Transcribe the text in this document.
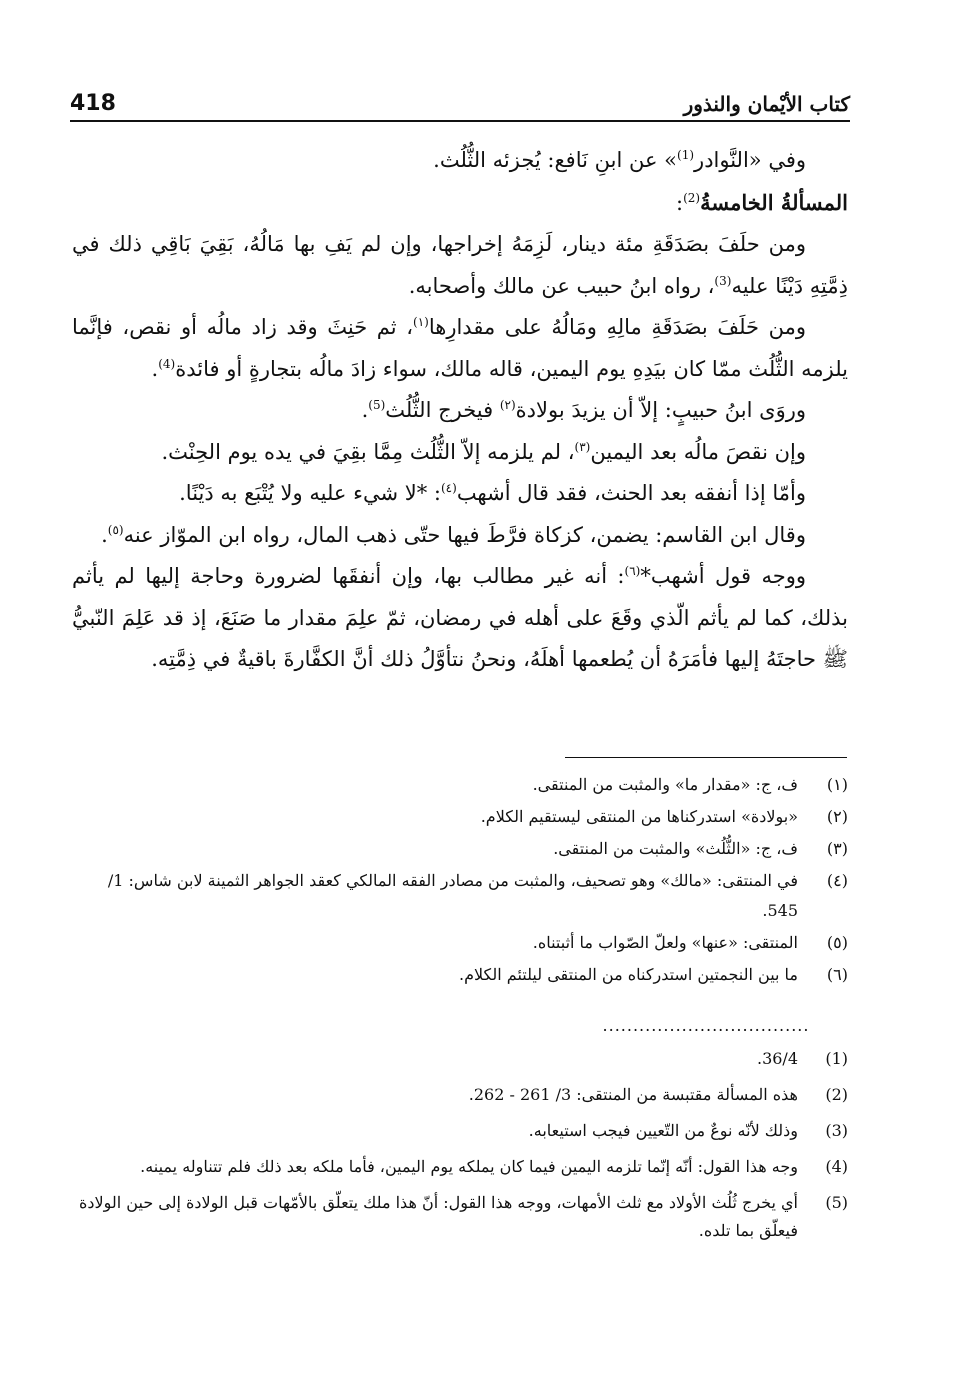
418	كتاب الأيْمان والنذور

وفي «النَّوادر$^{(1)}$» عن ابنِ نَافع: يُجزئه الثُّلُث.

المسألةُ الخامسةُ$^{(2)}$:

ومن حلَفَ بصَدَقَةِ مئة دينار، لَزِمَهُ إخراجها، وإن لم يَفِ بها مَالُهُ، بَقِيَ بَاقِي ذلك في ذِمَّتِهِ دَيْنًا عليه$^{(3)}$، رواه ابنُ حبيب عن مالك وأصحابه.

ومن حَلَفَ بصَدَقَةِ مالِهِ ومَالُهُ على مقدارِها$^{(١)}$، ثم حَنِثَ وقد زاد مالُه أو نقص، فإنَّما يلزمه الثُّلُث ممّا كان بيَدِهِ يوم اليمين، قاله مالك، سواء زادَ مالُه بتجارةٍ أو فائدة$^{(4)}$.

وروَى ابنُ حبيبٍ: إلاّ أن يزيدَ بولادة$^{(٢)}$ فيخرج الثُّلُث$^{(5)}$.

وإن نقصَ مالُه بعد اليمين$^{(٣)}$، لم يلزمه إلاّ الثُّلُث مِمَّا بقِيَ في يده يوم الحِنْث.

وأمّا إذا أنفقه بعد الحنث، فقد قال أشهب$^{(٤)}$: *لا شيء عليه ولا يُتْبَع به دَيْنًا.

وقال ابن القاسم: يضمن، كزكاة فرَّطَ فيها حتّى ذهب المال، رواه ابن الموّاز عنه$^{(٥)}$.

ووجه قول أشهب*$^{(٦)}$: أنه غير مطالب بها، وإن أنفقَها لضرورة وحاجة إليها لم يأثم بذلك، كما لم يأثم الّذي وقَعَ على أهله في رمضان، ثمّ علِمَ مقدار ما صَنَعَ، إذ قد عَلِمَ النّبيُّ ﷺ حاجتَهُ إليها فأمَرَهُ أن يُطعمها أهلَهُ، ونحنُ نتأوَّلُ ذلك أنَّ الكفَّارةَ باقيةٌ في ذِمَّتِه.

(١)
ف، ج: «مقدار ما» والمثبت من المنتقى.
(٢)
«بولادة» استدركناها من المنتقى ليستقيم الكلام.
(٣)
ف، ج: «الثُّلُث» والمثبت من المنتقى.
(٤)
في المنتقى: «مالك» وهو تصحيف، والمثبت من مصادر الفقه المالكي كعقد الجواهر الثمينة لابن شاس: 1/ 545.
(٥)
المنتقى: «عنها» ولعلّ الصّواب ما أثبتناه.
(٦)
ما بين النجمتين استدركناه من المنتقى ليلتئم الكلام.
..................................
(1)
36/4.
(2)
هذه المسألة مقتبسة من المنتقى: 3/ 261 - 262.
(3)
وذلك لأنّه نوعٌ من التّعيين فيجب استيعابه.
(4)
وجه هذا القول: أنّه إنّما تلزمه اليمين فيما كان يملكه يوم اليمين، فأما ملكه بعد ذلك فلم تتناوله يمينه.
(5)
أي يخرج ثُلُث الأولاد مع ثلث الأمهات، ووجه هذا القول: أنّ هذا ملك يتعلّق بالأمّهات قبل الولادة إلى حين الولادة فيعلّق بما تلده.
